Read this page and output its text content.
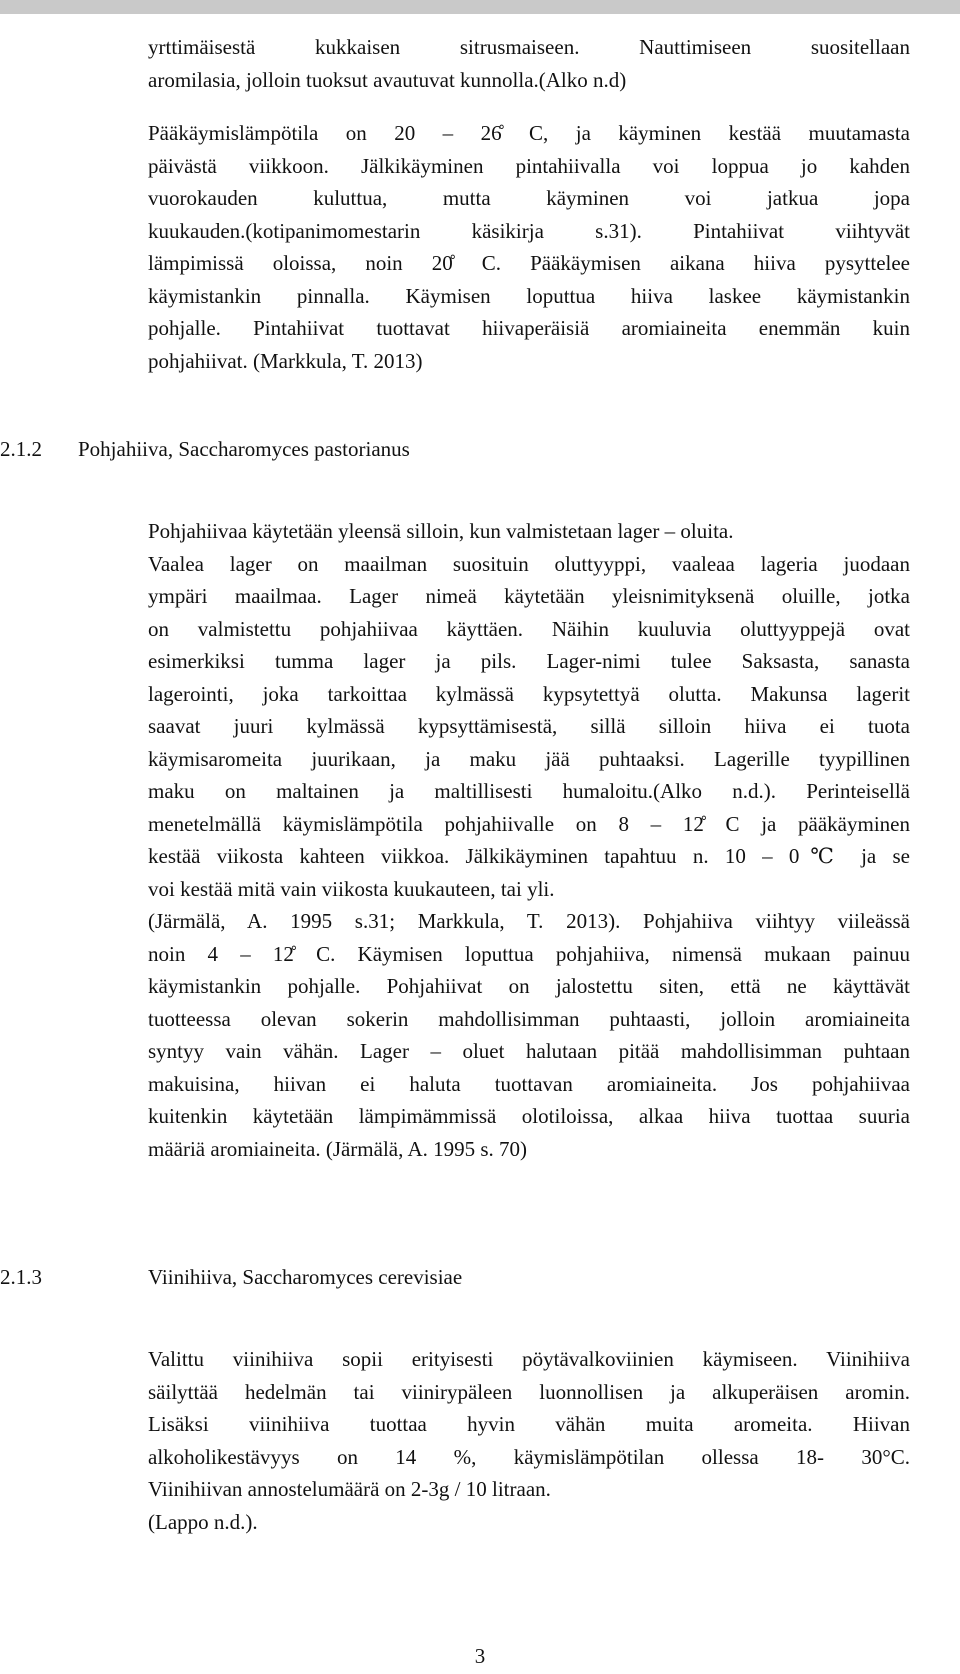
yrttimäisestä kukkaisen sitrusmaiseen. Nauttimiseen suositellaan
aromilasia, jolloin tuoksut avautuvat kunnolla.(Alko n.d)
Pääkäymislämpötila on 20 – 26̊ C, ja käyminen kestää muutamasta
päivästä viikkoon. Jälkikäyminen pintahiivalla voi loppua jo kahden
vuorokauden kuluttua, mutta käyminen voi jatkua jopa
kuukauden.(kotipanimomestarin käsikirja s.31). Pintahiivat viihtyvät
lämpimissä oloissa, noin 20̊ C. Pääkäymisen aikana hiiva pysyttelee
käymistankin pinnalla. Käymisen loputtua hiiva laskee käymistankin
pohjalle. Pintahiivat tuottavat hiivaperäisiä aromiaineita enemmän kuin
pohjahiivat. (Markkula, T. 2013)
2.1.2 Pohjahiiva, Saccharomyces pastorianus
Pohjahiivaa käytetään yleensä silloin, kun valmistetaan lager – oluita.
Vaalea lager on maailman suosituin oluttyyppi, vaaleaa lageria juodaan
ympäri maailmaa. Lager nimeä käytetään yleisnimityksenä oluille, jotka
on valmistettu pohjahiivaa käyttäen. Näihin kuuluvia oluttyyppejä ovat
esimerkiksi tumma lager ja pils. Lager-nimi tulee Saksasta, sanasta
lagerointi, joka tarkoittaa kylmässä kypsytettyä olutta. Makunsa lagerit
saavat juuri kylmässä kypsyttämisestä, sillä silloin hiiva ei tuota
käymisaromeita juurikaan, ja maku jää puhtaaksi. Lagerille tyypillinen
maku on maltainen ja maltillisesti humaloitu.(Alko n.d.). Perinteisellä
menetelmällä käymislämpötila pohjahiivalle on 8 – 12̊ C ja pääkäyminen
kestää viikosta kahteen viikkoa. Jälkikäyminen tapahtuu n. 10 – 0℃ ja se
voi kestää mitä vain viikosta kuukauteen, tai yli.
(Järmälä, A. 1995 s.31; Markkula, T. 2013). Pohjahiiva viihtyy viileässä
noin 4 – 12̊ C. Käymisen loputtua pohjahiiva, nimensä mukaan painuu
käymistankin pohjalle. Pohjahiivat on jalostettu siten, että ne käyttävät
tuotteessa olevan sokerin mahdollisimman puhtaasti, jolloin aromiaineita
syntyy vain vähän. Lager – oluet halutaan pitää mahdollisimman puhtaan
makuisina, hiivan ei haluta tuottavan aromiaineita. Jos pohjahiivaa
kuitenkin käytetään lämpimämmissä olotiloissa, alkaa hiiva tuottaa suuria
määriä aromiaineita. (Järmälä, A. 1995 s. 70)
2.1.3	Viinihiiva, Saccharomyces cerevisiae
Valittu viinihiiva sopii erityisesti pöytävalkoviinien käymiseen. Viinihiiva
säilyttää hedelmän tai viinirypäleen luonnollisen ja alkuperäisen aromin.
Lisäksi viinihiiva tuottaa hyvin vähän muita aromeita. Hiivan
alkoholikestävyys on 14 %, käymislämpötilan ollessa 18- 30°C.
Viinihiivan annostelumäärä on 2-3g / 10 litraan.
(Lappo n.d.).
3
